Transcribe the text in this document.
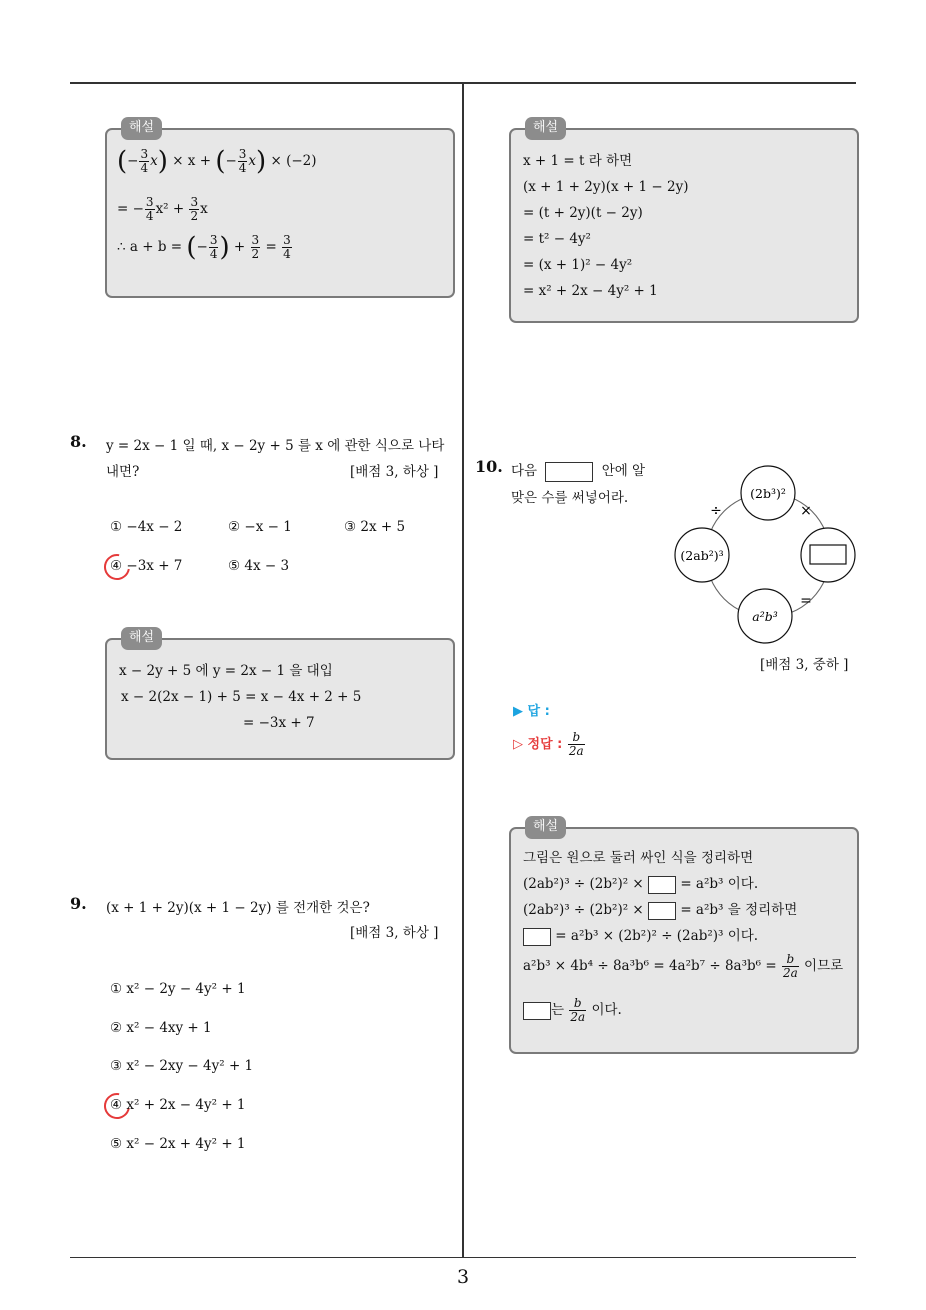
3
해설
(− $\frac{3}{4} x) \times x$ + (− $\frac{3}{4} x) \times (-2)$
= − $\frac{3}{4} x^2 + \frac{3}{2}$ x
∴ a + b = (− $\frac{3}{4}$ ) + $\frac{3}{2} = \frac{3}{4}$
해설
x + 1 = t 라 하면
(x + 1 + 2y)(x + 1 − 2y)
= (t + 2y)(t − 2y)
= t² − 4y²
= (x + 1)² − 4y²
= x² + 2x − 4y² + 1
8. y = 2x − 1 일 때, x − 2y + 5 를 x 에 관한 식으로 나타
내면?	[배점 3, 하상 ]
① −4x − 2	② −x − 1	③ 2x + 5
④ −3x + 7	⑤ 4x − 3
해설
x − 2y + 5 에 y = 2x − 1 을 대입
x − 2(2x − 1) + 5 = x − 4x + 2 + 5
= −3x + 7
9. (x + 1 + 2y)(x + 1 − 2y) 를 전개한 것은?
[배점 3, 하상 ]
① x² − 2y − 4y² + 1
② x² − 4xy + 1
③ x² − 2xy − 4y² + 1
④ x² + 2x − 4y² + 1
⑤ x² − 2x + 4y² + 1
10. 다음	안에 알
맞은 수를 써넣어라.	(2b³)²
(2ab²)³
a²b³
÷	×
=
[배점 3, 중하 ]
▶ 답 :
▷ 정답 : $\frac{b}{2a}$
해설
그림은 원으로 둘러 싸인 식을 정리하면
(2ab²)³ ÷ (2b²)² ×	= a²b³ 이다.
(2ab²)³ ÷ (2b²)² ×	= a²b³ 을 정리하면
= a²b³ × (2b²)² ÷ (2ab²)³ 이다.
$a^2b^3 \times 4b^4 \div 8a^3b^6 = 4a^2b^7 \div 8a^3b^6 = \frac{b}{2a}$ 이므로
는 $\frac{b}{2a}$ 이다.
